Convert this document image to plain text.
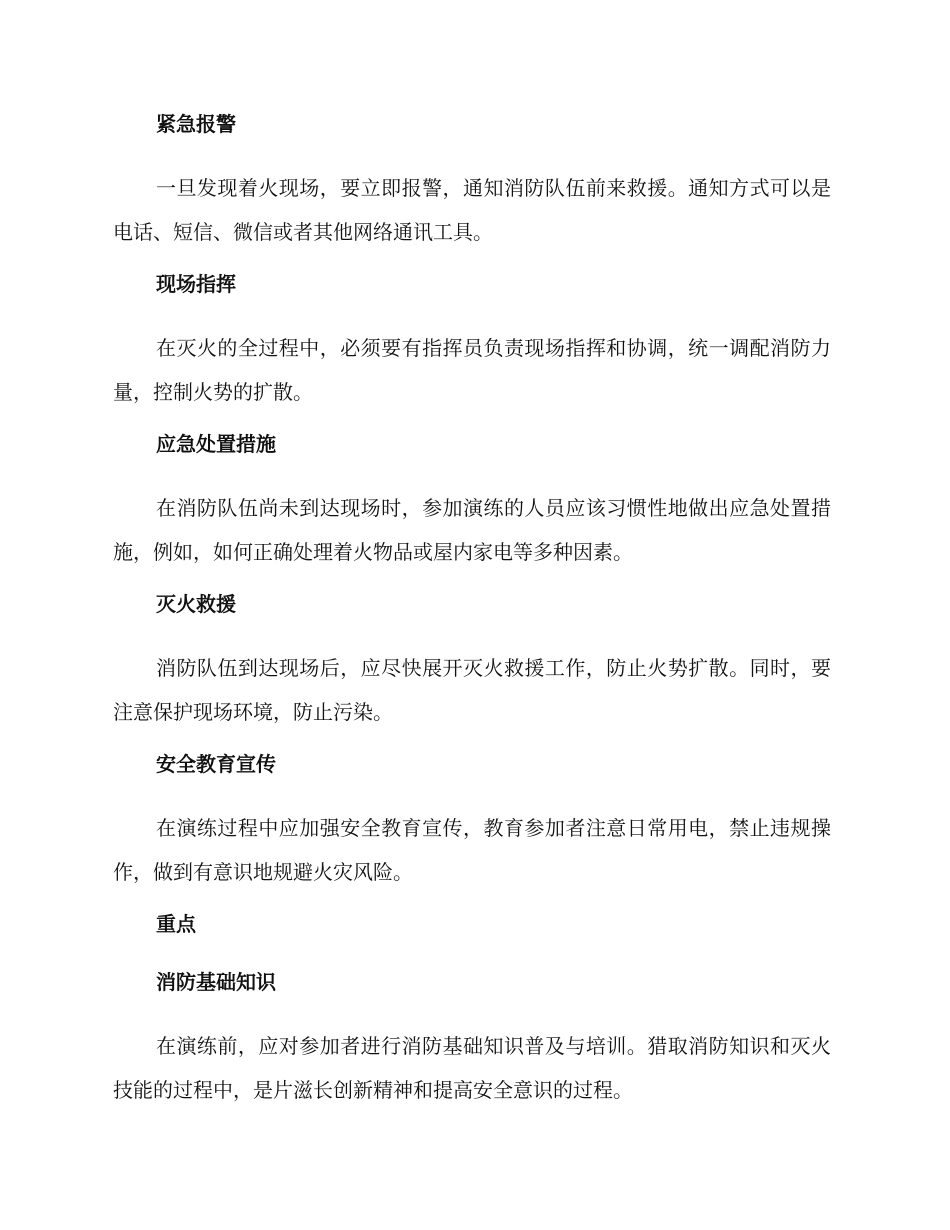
紧急报警

一旦发现着火现场，要立即报警，通知消防队伍前来救援。通知方式可以是电话、短信、微信或者其他网络通讯工具。

现场指挥

在灭火的全过程中，必须要有指挥员负责现场指挥和协调，统一调配消防力量，控制火势的扩散。

应急处置措施

在消防队伍尚未到达现场时，参加演练的人员应该习惯性地做出应急处置措施，例如，如何正确处理着火物品或屋内家电等多种因素。

灭火救援

消防队伍到达现场后，应尽快展开灭火救援工作，防止火势扩散。同时，要注意保护现场环境，防止污染。

安全教育宣传

在演练过程中应加强安全教育宣传，教育参加者注意日常用电，禁止违规操作，做到有意识地规避火灾风险。

重点
消防基础知识

在演练前，应对参加者进行消防基础知识普及与培训。猎取消防知识和灭火技能的过程中，是片滋长创新精神和提高安全意识的过程。
